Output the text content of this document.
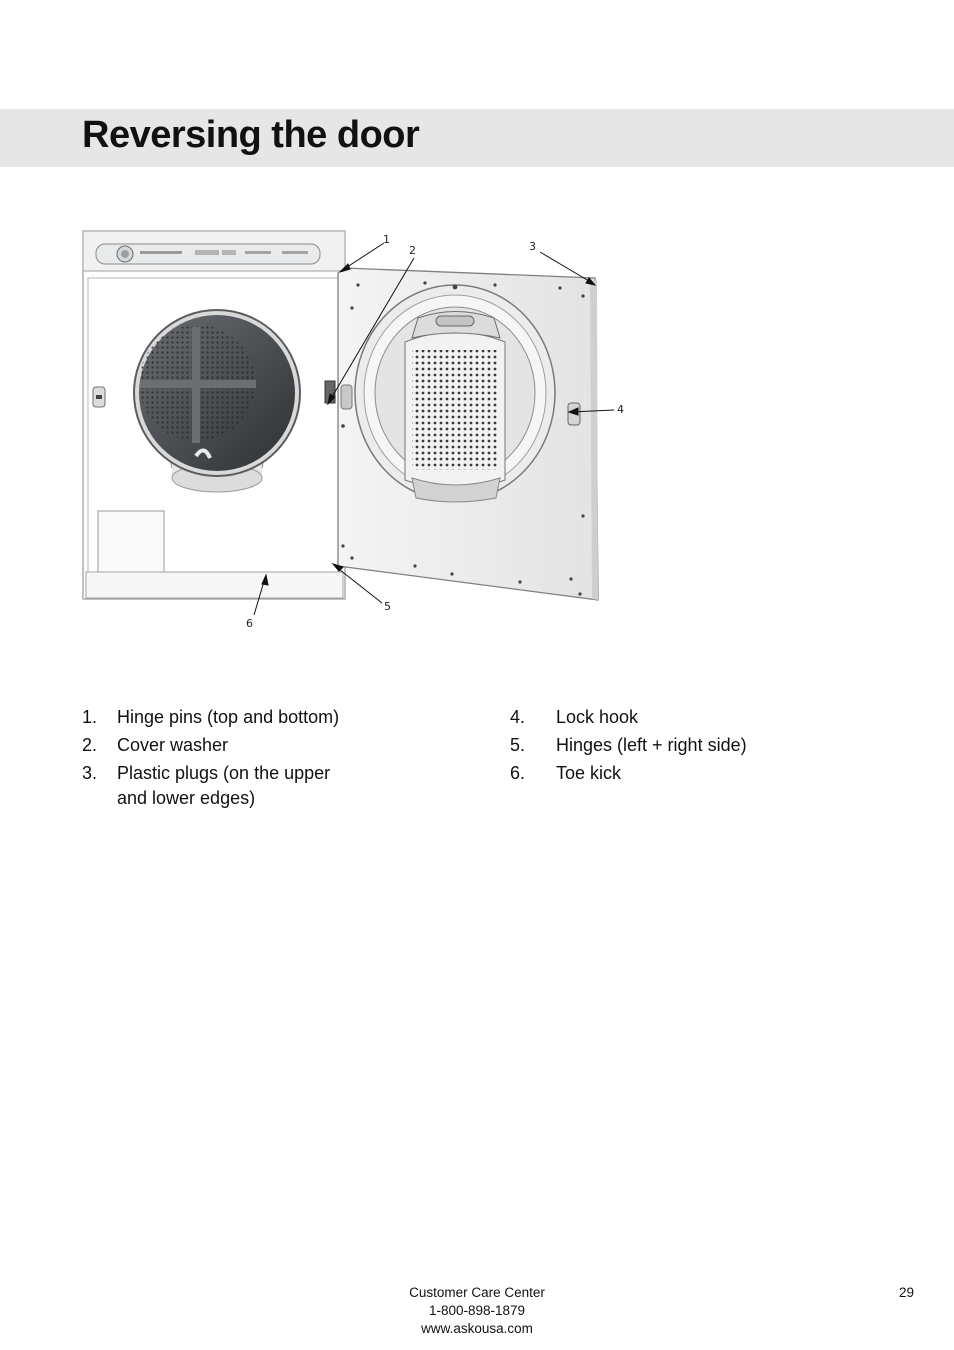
Reversing the door
1
2	3
4
5
6
1.	Hinge pins (top and bottom)
2.	Cover washer
3.	Plastic plugs (on the upper and lower edges)
4.	Lock hook
5.	Hinges (left + right side)
6.	Toe kick
Customer Care Center
1-800-898-1879
www.askousa.com
29
